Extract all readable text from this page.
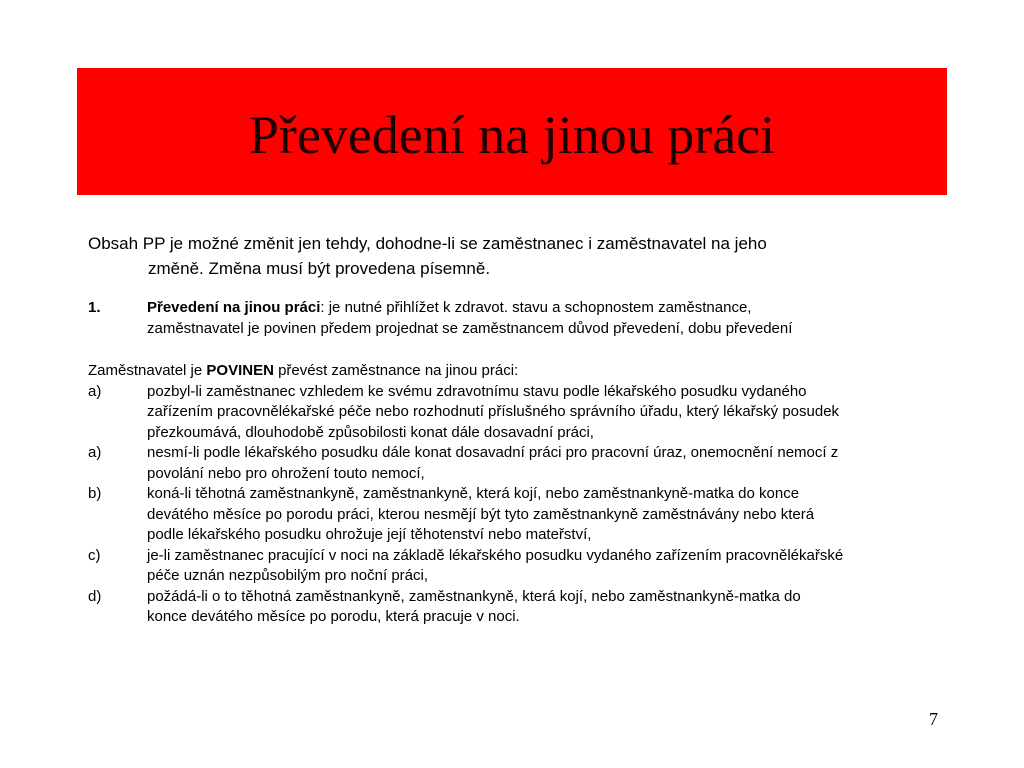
Převedení na jinou práci
Obsah PP je možné změnit jen tehdy, dohodne-li se zaměstnanec i zaměstnavatel na jeho
změně. Změna musí být provedena písemně.
1.	Převedení na jinou práci: je nutné přihlížet k zdravot. stavu a schopnostem zaměstnance,
zaměstnavatel je povinen předem projednat se zaměstnancem důvod převedení, dobu převedení
Zaměstnavatel je POVINEN převést zaměstnance na jinou práci:
a)	pozbyl-li zaměstnanec vzhledem ke svému zdravotnímu stavu podle lékařského posudku vydaného
zařízením pracovnělékařské péče nebo rozhodnutí příslušného správního úřadu, který lékařský posudek
přezkoumává, dlouhodobě způsobilosti konat dále dosavadní práci,
a)	nesmí-li podle lékařského posudku dále konat dosavadní práci pro pracovní úraz, onemocnění nemocí z
povolání nebo pro ohrožení touto nemocí,
b)	koná-li těhotná zaměstnankyně, zaměstnankyně, která kojí, nebo zaměstnankyně-matka do konce
devátého měsíce po porodu práci, kterou nesmějí být tyto zaměstnankyně zaměstnávány nebo která
podle lékařského posudku ohrožuje její těhotenství nebo mateřství,
c)	je-li zaměstnanec pracující v noci na základě lékařského posudku vydaného zařízením pracovnělékařské
péče uznán nezpůsobilým pro noční práci,
d)	požádá-li o to těhotná zaměstnankyně, zaměstnankyně, která kojí, nebo zaměstnankyně-matka do
konce devátého měsíce po porodu, která pracuje v noci.
7
